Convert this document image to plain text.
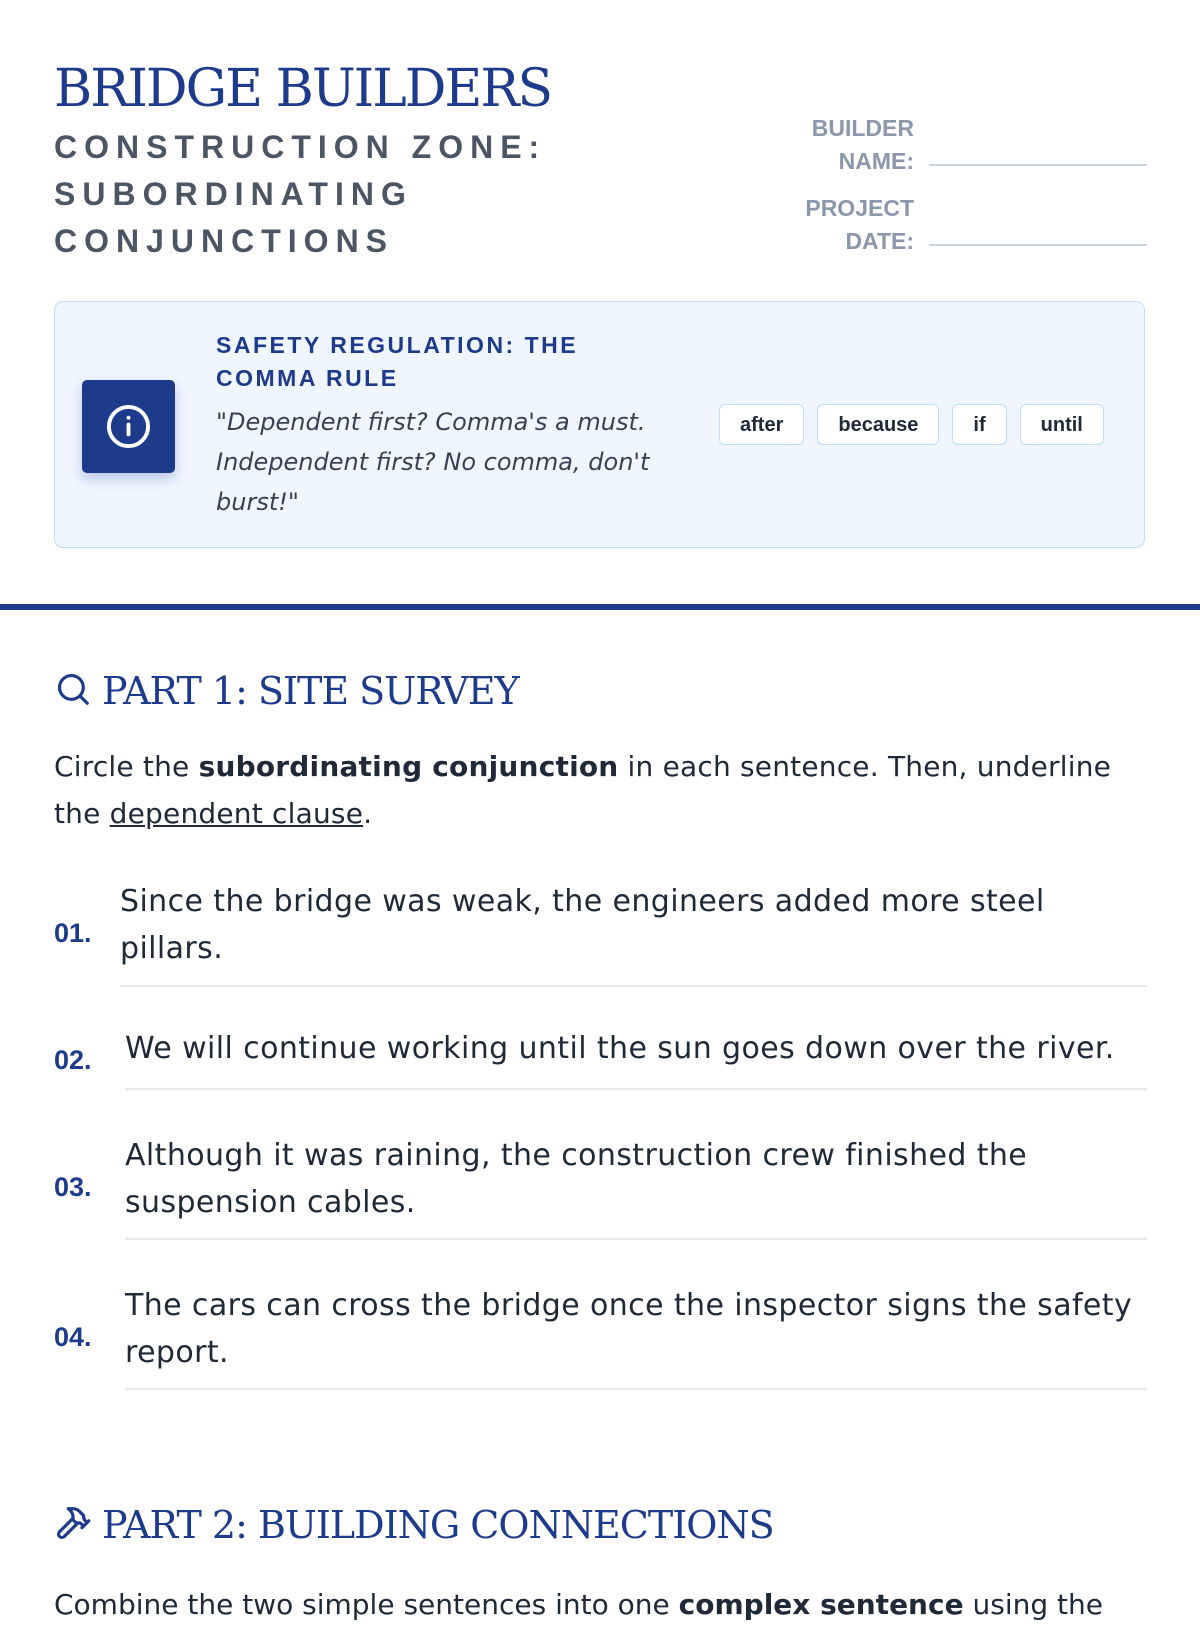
BRIDGE BUILDERS
CONSTRUCTION ZONE: SUBORDINATING CONJUNCTIONS
BUILDER NAME:
PROJECT DATE:
SAFETY REGULATION: THE COMMA RULE
"Dependent first? Comma's a must. Independent first? No comma, don't burst!"
after	because	if	until
PART 1: SITE SURVEY

Circle the subordinating conjunction in each sentence. Then, underline the dependent clause.

01.
Since the bridge was weak, the engineers added more steel pillars.
02. We will continue working until the sun goes down over the river.
03.
Although it was raining, the construction crew finished the suspension cables.
04.
The cars can cross the bridge once the inspector signs the safety report.
PART 2: BUILDING CONNECTIONS

Combine the two simple sentences into one complex sentence using the
